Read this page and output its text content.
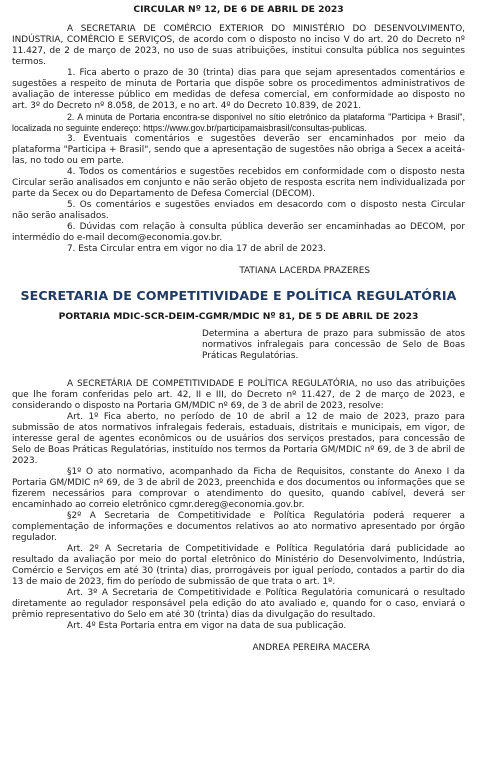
CIRCULAR Nº 12, DE 6 DE ABRIL DE 2023

A SECRETARIA DE COMÉRCIO EXTERIOR DO MINISTÉRIO DO DESENVOLVIMENTO, INDÚSTRIA, COMÉRCIO E SERVIÇOS, de acordo com o disposto no inciso V do art. 20 do Decreto nº 11.427, de 2 de março de 2023, no uso de suas atribuições, institui consulta pública nos seguintes termos.

1. Fica aberto o prazo de 30 (trinta) dias para que sejam apresentados comentários e sugestões a respeito de minuta de Portaria que dispõe sobre os procedimentos administrativos de avaliação de interesse público em medidas de defesa comercial, em conformidade ao disposto no art. 3º do Decreto nº 8.058, de 2013, e no art. 4º do Decreto 10.839, de 2021.

2. A minuta de Portaria encontra-se disponível no sítio eletrônico da plataforma "Participa + Brasil", localizada no seguinte endereço: https://www.gov.br/participamaisbrasil/consultas-publicas.

3. Eventuais comentários e sugestões deverão ser encaminhados por meio da plataforma "Participa + Brasil", sendo que a apresentação de sugestões não obriga a Secex a aceitá-las, no todo ou em parte.

4. Todos os comentários e sugestões recebidos em conformidade com o disposto nesta Circular serão analisados em conjunto e não serão objeto de resposta escrita nem individualizada por parte da Secex ou do Departamento de Defesa Comercial (DECOM).

5. Os comentários e sugestões enviados em desacordo com o disposto nesta Circular não serão analisados.

6. Dúvidas com relação à consulta pública deverão ser encaminhadas ao DECOM, por intermédio do e-mail decom@economia.gov.br.

7. Esta Circular entra em vigor no dia 17 de abril de 2023.

TATIANA LACERDA PRAZERES

SECRETARIA DE COMPETITIVIDADE E POLÍTICA REGULATÓRIA
PORTARIA MDIC-SCR-DEIM-CGMR/MDIC Nº 81, DE 5 DE ABRIL DE 2023

Determina a abertura de prazo para submissão de atos normativos infralegais para concessão de Selo de Boas Práticas Regulatórias.

A SECRETÁRIA DE COMPETITIVIDADE E POLÍTICA REGULATÓRIA, no uso das atribuições que lhe foram conferidas pelo art. 42, II e III, do Decreto nº 11.427, de 2 de março de 2023, e considerando o disposto na Portaria GM/MDIC nº 69, de 3 de abril de 2023, resolve:

Art. 1º Fica aberto, no período de 10 de abril a 12 de maio de 2023, prazo para submissão de atos normativos infralegais federais, estaduais, distritais e municipais, em vigor, de interesse geral de agentes econômicos ou de usuários dos serviços prestados, para concessão de Selo de Boas Práticas Regulatórias, instituído nos termos da Portaria GM/MDIC nº 69, de 3 de abril de 2023.

§1º O ato normativo, acompanhado da Ficha de Requisitos, constante do Anexo I da Portaria GM/MDIC nº 69, de 3 de abril de 2023, preenchida e dos documentos ou informações que se fizerem necessários para comprovar o atendimento do quesito, quando cabível, deverá ser encaminhado ao correio eletrônico cgmr.dereg@economia.gov.br.

§2º A Secretaria de Competitividade e Política Regulatória poderá requerer a complementação de informações e documentos relativos ao ato normativo apresentado por órgão regulador.

Art. 2º A Secretaria de Competitividade e Política Regulatória dará publicidade ao resultado da avaliação por meio do portal eletrônico do Ministério do Desenvolvimento, Indústria, Comércio e Serviços em até 30 (trinta) dias, prorrogáveis por igual período, contados a partir do dia 13 de maio de 2023, fim do período de submissão de que trata o art. 1º.

Art. 3º A Secretaria de Competitividade e Política Regulatória comunicará o resultado diretamente ao regulador responsável pela edição do ato avaliado e, quando for o caso, enviará o prêmio representativo do Selo em até 30 (trinta) dias da divulgação do resultado.

Art. 4º Esta Portaria entra em vigor na data de sua publicação.

ANDREA PEREIRA MACERA
